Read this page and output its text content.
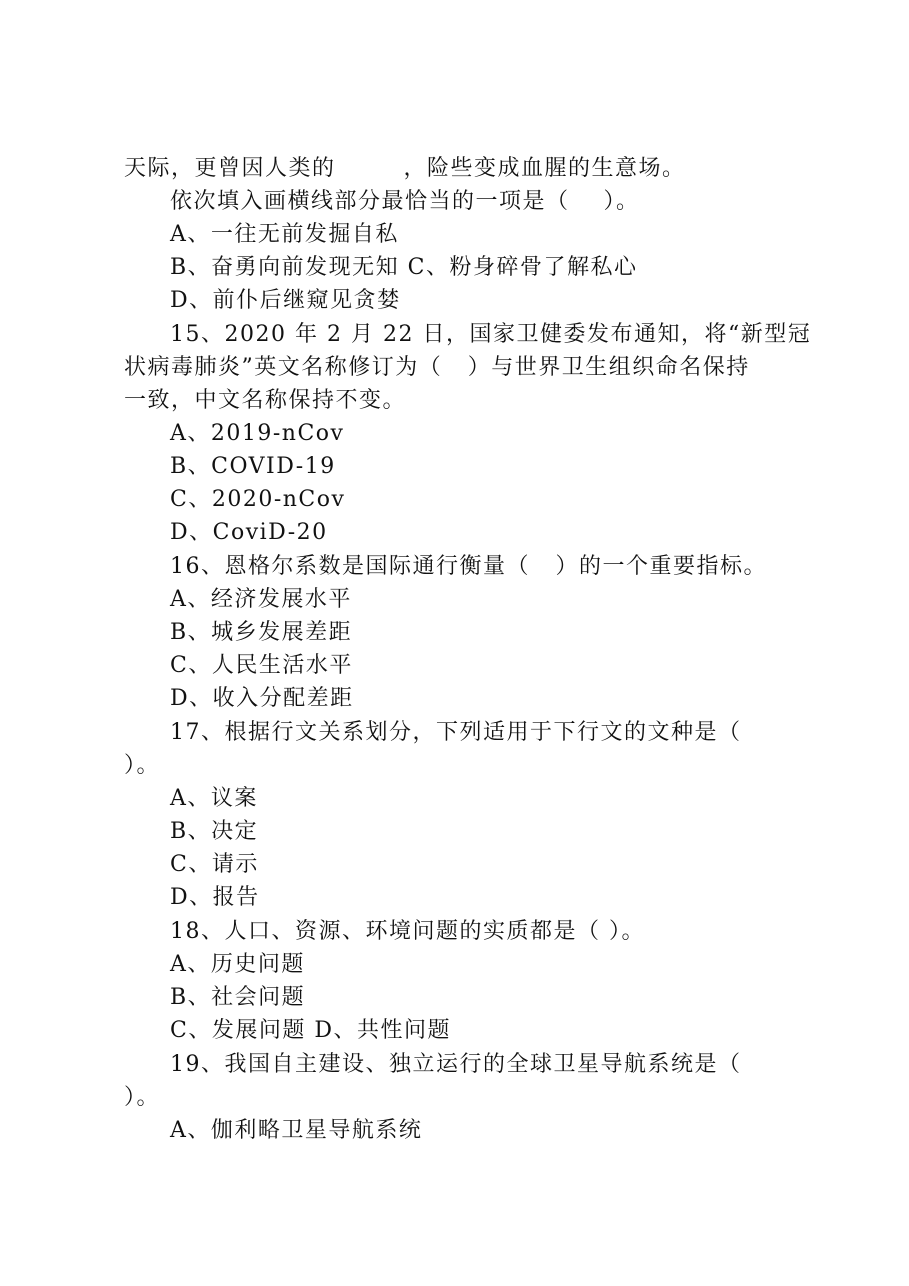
天际，更曾因人类的        ，险些变成血腥的生意场。
依次填入画横线部分最恰当的一项是（    ）。
A、一往无前发掘自私
B、奋勇向前发现无知 C、粉身碎骨了解私心
D、前仆后继窥见贪婪
15、2020 年 2 月 22 日，国家卫健委发布通知，将“新型冠
状病毒肺炎”英文名称修订为（   ）与世界卫生组织命名保持
一致，中文名称保持不变。
A、2019-nCov
B、COVID-19
C、2020-nCov
D、CoviD-20
16、恩格尔系数是国际通行衡量（   ）的一个重要指标。
A、经济发展水平
B、城乡发展差距
C、人民生活水平
D、收入分配差距
17、根据行文关系划分，下列适用于下行文的文种是（
）。
A、议案
B、决定
C、请示
D、报告
18、人口、资源、环境问题的实质都是（ ）。
A、历史问题
B、社会问题
C、发展问题 D、共性问题
19、我国自主建设、独立运行的全球卫星导航系统是（
）。
A、伽利略卫星导航系统
